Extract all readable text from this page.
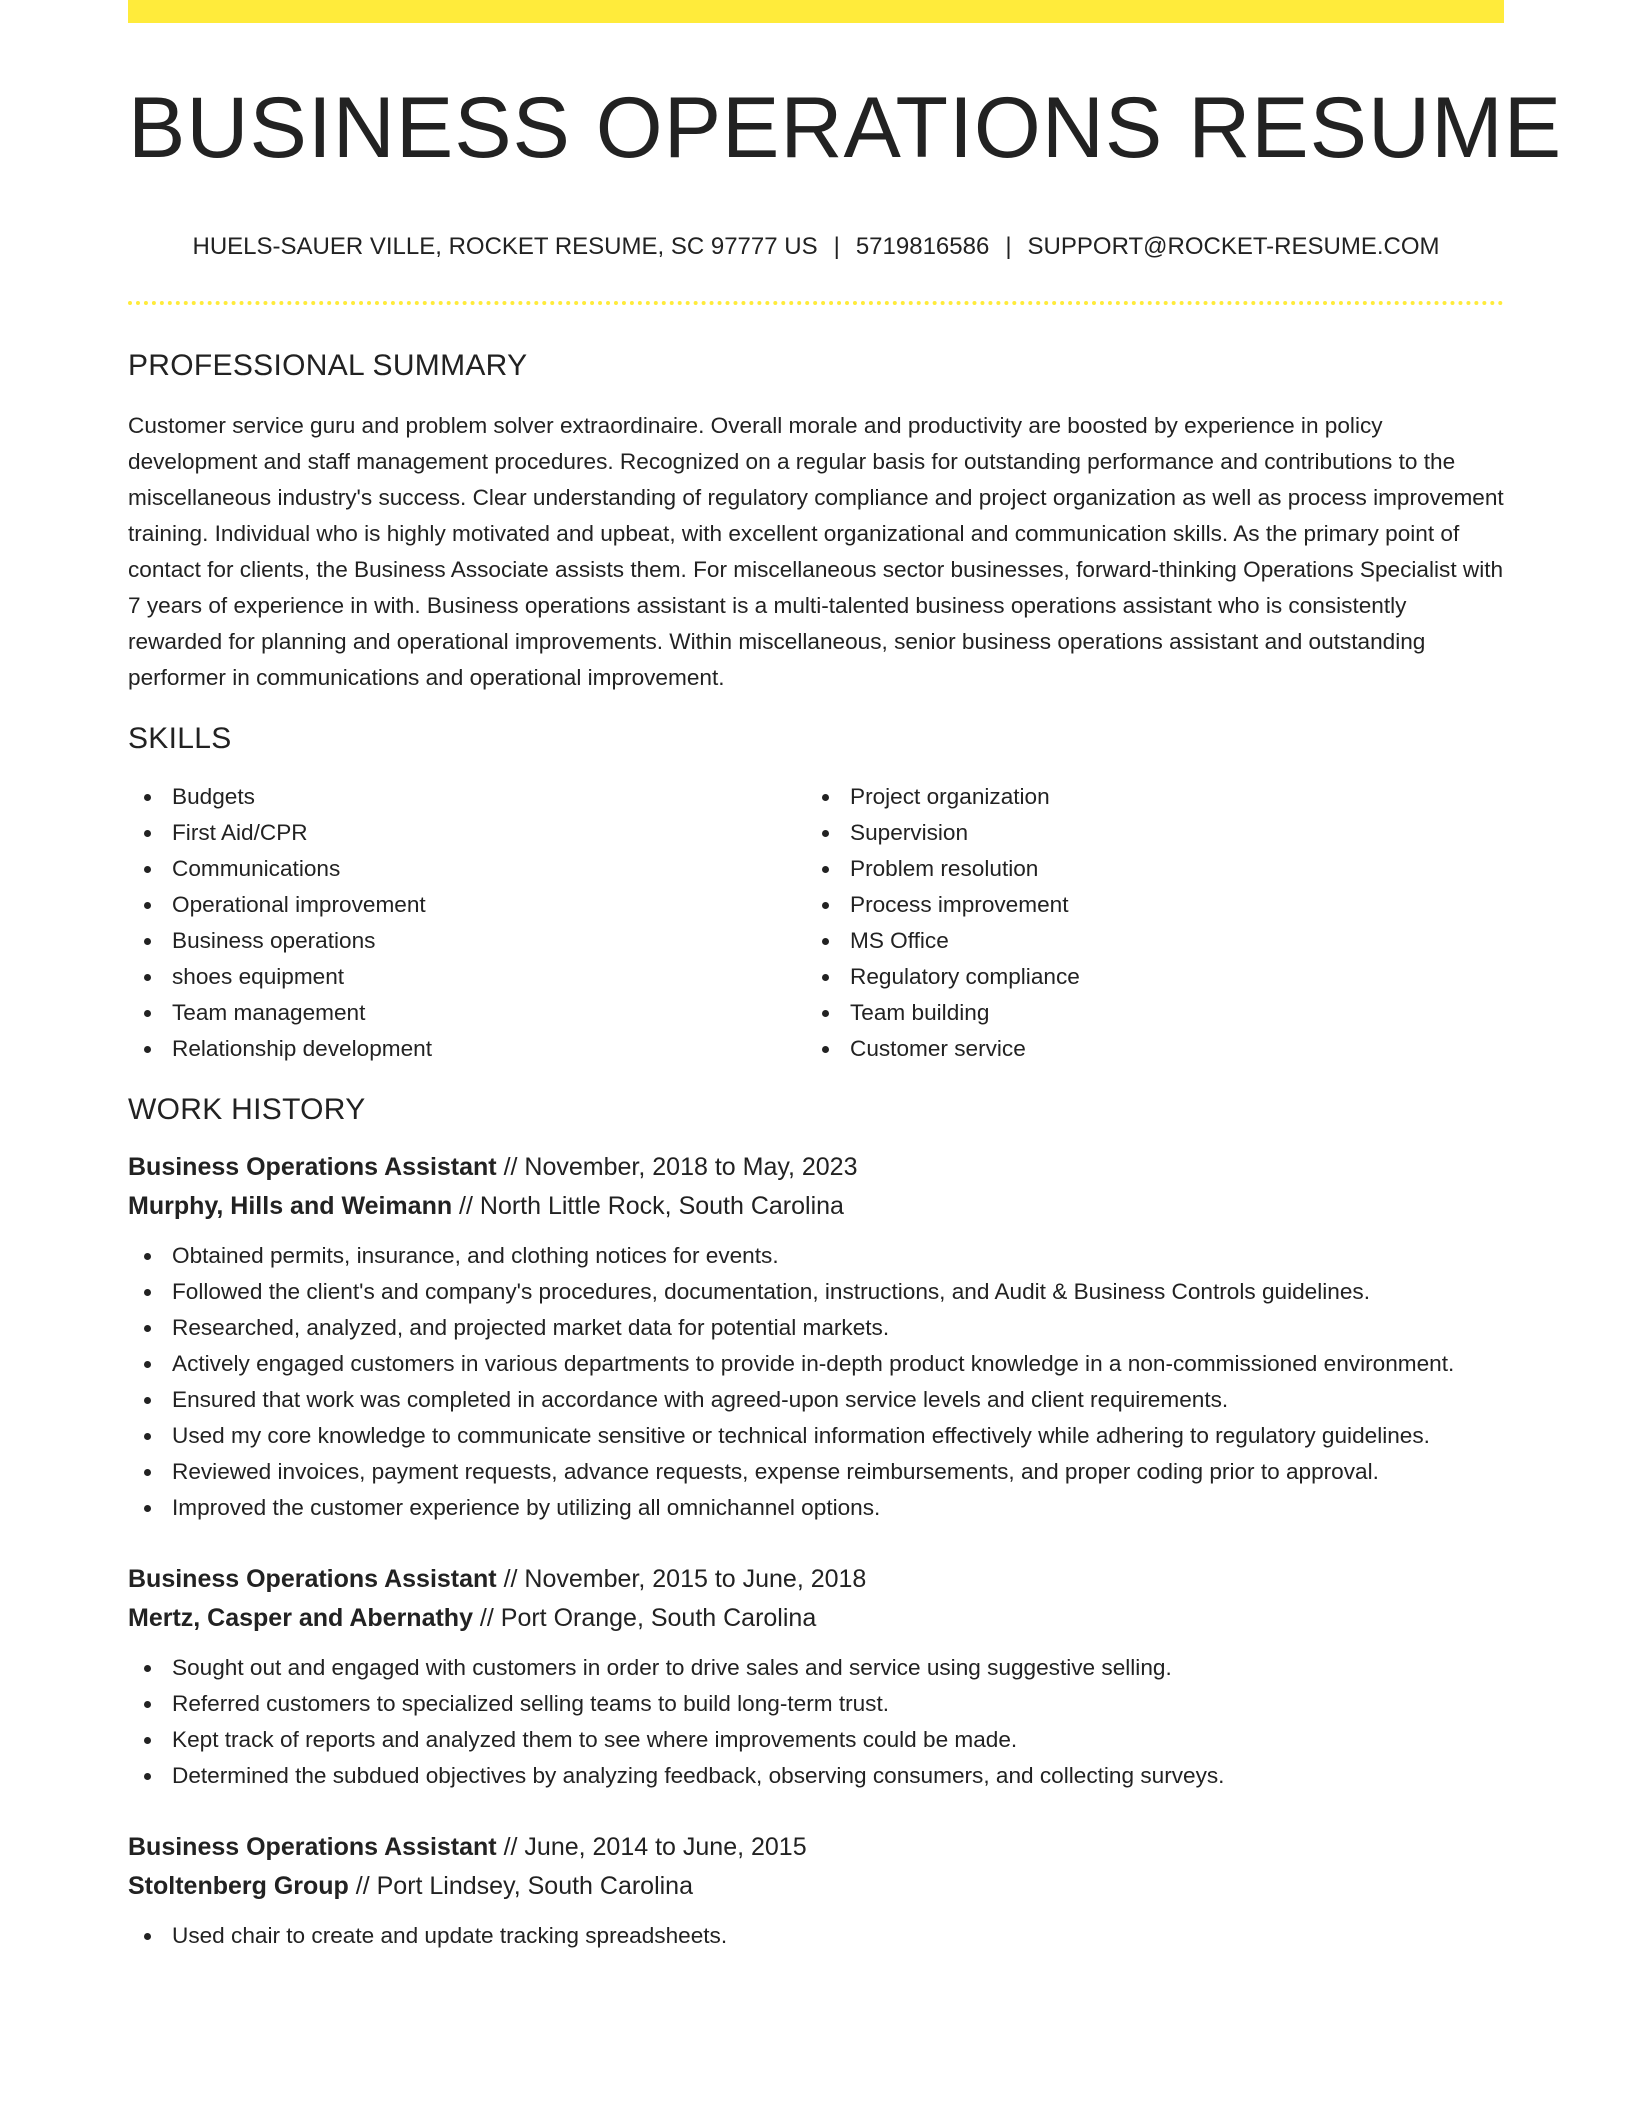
BUSINESS OPERATIONS RESUME
HUELS-SAUER VILLE, ROCKET RESUME, SC 97777 US | 5719816586 | SUPPORT@ROCKET-RESUME.COM
PROFESSIONAL SUMMARY

Customer service guru and problem solver extraordinaire. Overall morale and productivity are boosted by experience in policy development and staff management procedures. Recognized on a regular basis for outstanding performance and contributions to the miscellaneous industry's success. Clear understanding of regulatory compliance and project organization as well as process improvement training. Individual who is highly motivated and upbeat, with excellent organizational and communication skills. As the primary point of contact for clients, the Business Associate assists them. For miscellaneous sector businesses, forward-thinking Operations Specialist with 7 years of experience in with. Business operations assistant is a multi-talented business operations assistant who is consistently rewarded for planning and operational improvements. Within miscellaneous, senior business operations assistant and outstanding performer in communications and operational improvement.

SKILLS
Budgets
First Aid/CPR
Communications
Operational improvement
Business operations
shoes equipment
Team management
Relationship development
Project organization
Supervision
Problem resolution
Process improvement
MS Office
Regulatory compliance
Team building
Customer service
WORK HISTORY
Business Operations Assistant // November, 2018 to May, 2023
Murphy, Hills and Weimann // North Little Rock, South Carolina
Obtained permits, insurance, and clothing notices for events.
Followed the client's and company's procedures, documentation, instructions, and Audit & Business Controls guidelines.
Researched, analyzed, and projected market data for potential markets.
Actively engaged customers in various departments to provide in-depth product knowledge in a non-commissioned environment.
Ensured that work was completed in accordance with agreed-upon service levels and client requirements.
Used my core knowledge to communicate sensitive or technical information effectively while adhering to regulatory guidelines.
Reviewed invoices, payment requests, advance requests, expense reimbursements, and proper coding prior to approval.
Improved the customer experience by utilizing all omnichannel options.
Business Operations Assistant // November, 2015 to June, 2018
Mertz, Casper and Abernathy // Port Orange, South Carolina
Sought out and engaged with customers in order to drive sales and service using suggestive selling.
Referred customers to specialized selling teams to build long-term trust.
Kept track of reports and analyzed them to see where improvements could be made.
Determined the subdued objectives by analyzing feedback, observing consumers, and collecting surveys.
Business Operations Assistant // June, 2014 to June, 2015
Stoltenberg Group // Port Lindsey, South Carolina
Used chair to create and update tracking spreadsheets.
